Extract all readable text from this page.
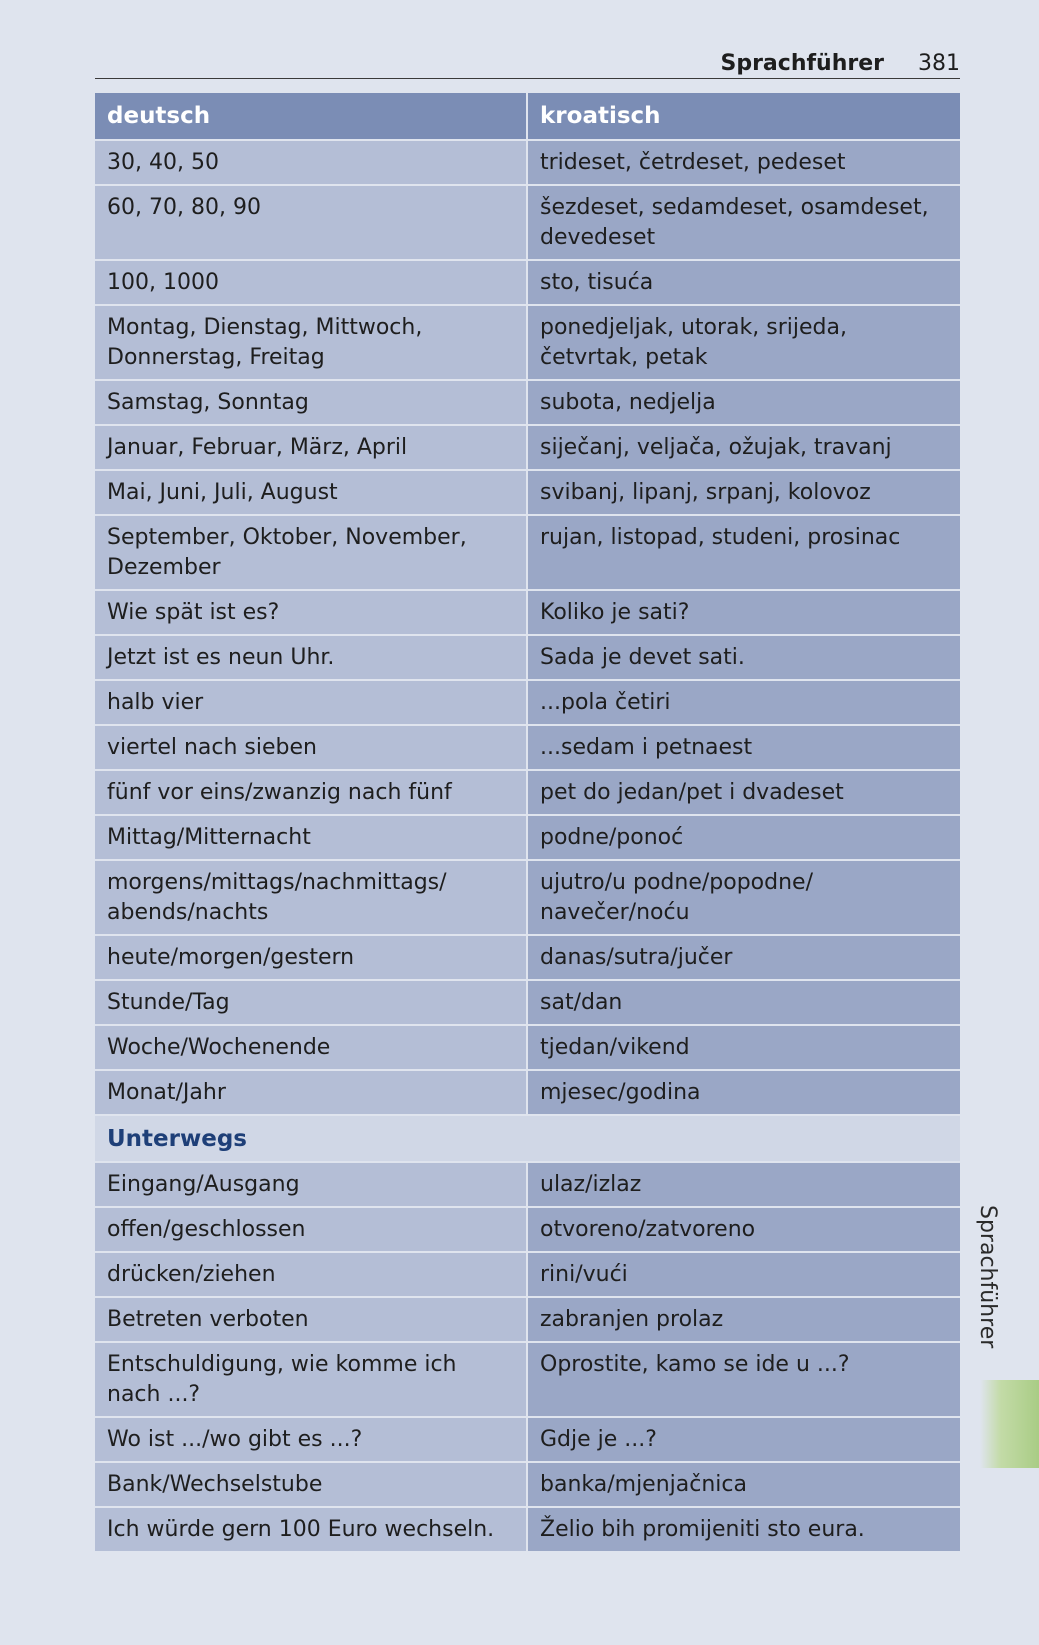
Sprachführer 381
deutsch	kroatisch
30, 40, 50	trideset, četrdeset, pedeset
60, 70, 80, 90	šezdeset, sedamdeset, osamdeset, devedeset
100, 1000	sto, tisuća
Montag, Dienstag, Mittwoch, Donnerstag, Freitag	ponedjeljak, utorak, srijeda, četvrtak, petak
Samstag, Sonntag	subota, nedjelja
Januar, Februar, März, April	siječanj, veljača, ožujak, travanj
Mai, Juni, Juli, August	svibanj, lipanj, srpanj, kolovoz
September, Oktober, November, Dezember	rujan, listopad, studeni, prosinac
Wie spät ist es?	Koliko je sati?
Jetzt ist es neun Uhr.	Sada je devet sati.
halb vier	...pola četiri
viertel nach sieben	...sedam i petnaest
fünf vor eins/zwanzig nach fünf	pet do jedan/pet i dvadeset
Mittag/Mitternacht	podne/ponoć
morgens/mittags/nachmittags/ abends/nachts	ujutro/u podne/popodne/ navečer/noću
heute/morgen/gestern	danas/sutra/jučer
Stunde/Tag	sat/dan
Woche/Wochenende	tjedan/vikend
Monat/Jahr	mjesec/godina
Unterwegs	
Eingang/Ausgang	ulaz/izlaz
offen/geschlossen	otvoreno/zatvoreno
drücken/ziehen	rini/vući
Betreten verboten	zabranjen prolaz
Entschuldigung, wie komme ich nach ...?	Oprostite, kamo se ide u ...?
Wo ist .../wo gibt es ...?	Gdje je ...?
Bank/Wechselstube	banka/mjenjačnica
Ich würde gern 100 Euro wechseln.	Želio bih promijeniti sto eura.
Sprachführer
